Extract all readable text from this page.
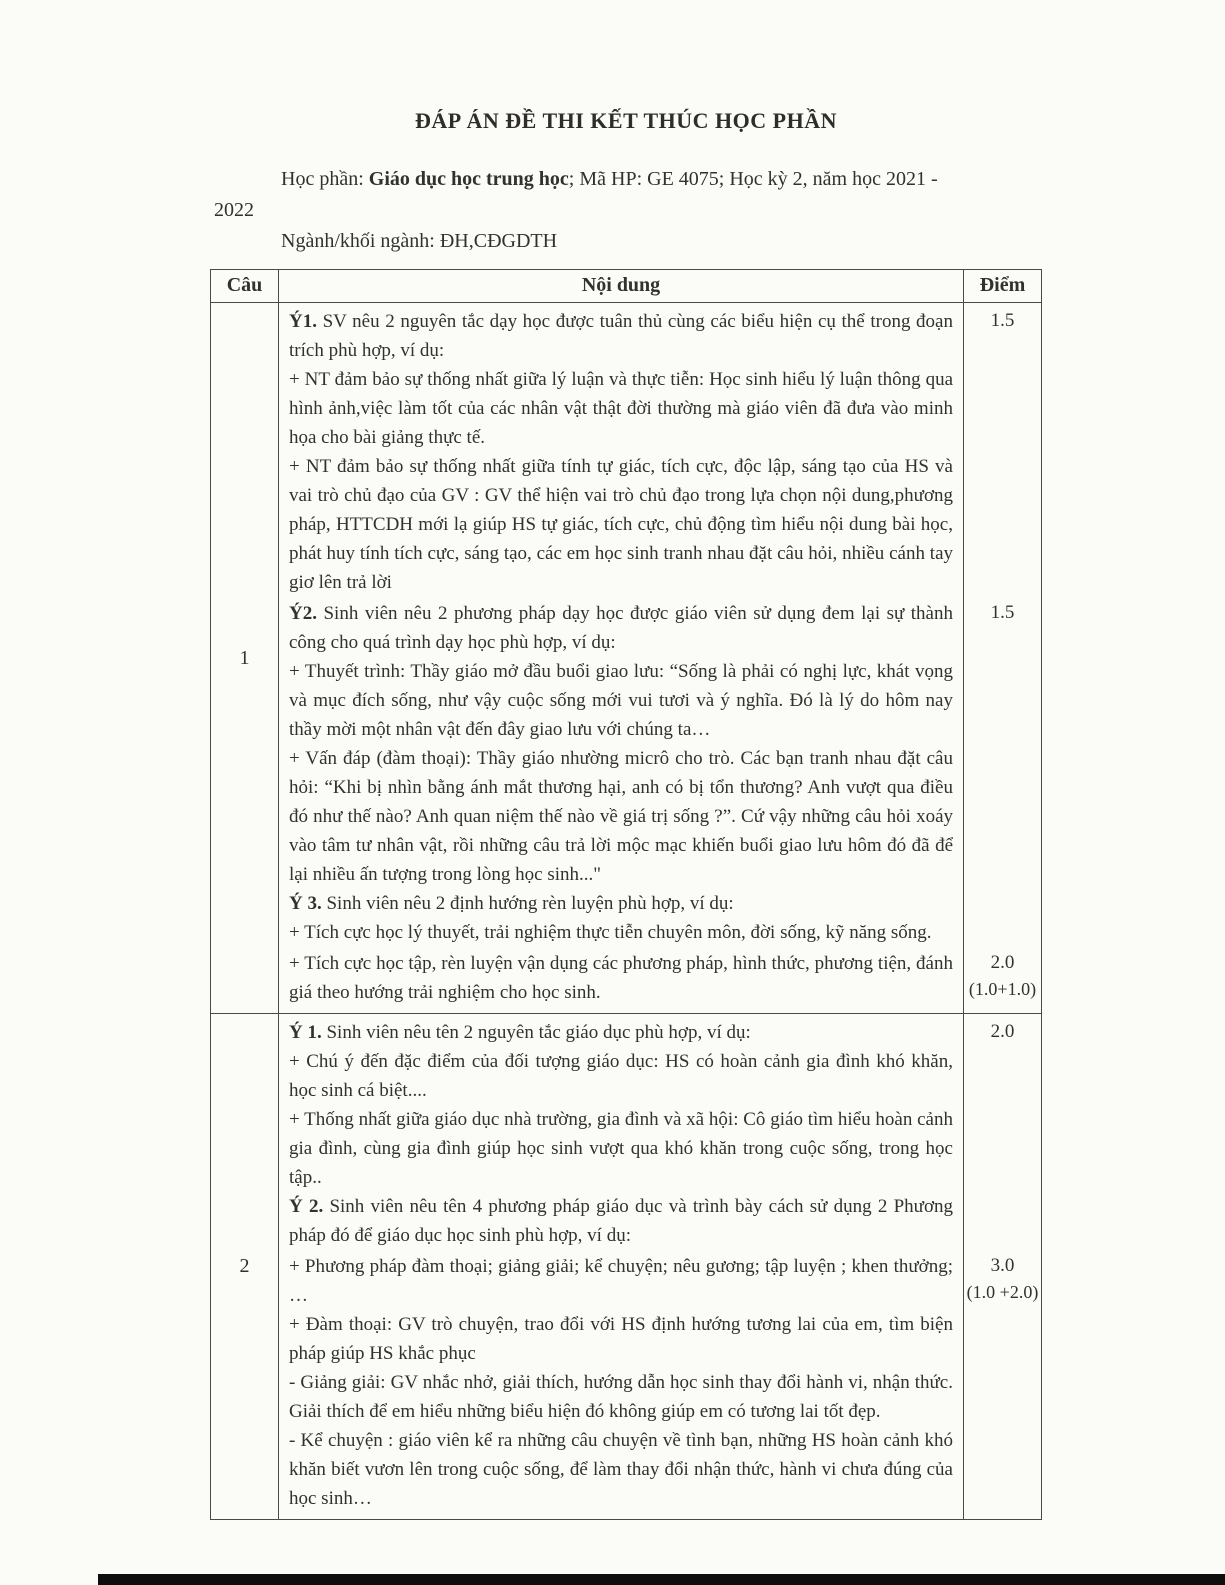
ĐÁP ÁN ĐỀ THI KẾT THÚC HỌC PHẦN
Học phần: Giáo dục học trung học; Mã HP: GE 4075; Học kỳ 2, năm học 2021 -
2022
Ngành/khối ngành: ĐH,CĐGDTH
Câu	Nội dung	Điểm
1

Ý1. SV nêu 2 nguyên tắc dạy học được tuân thủ cùng các biểu hiện cụ thể trong đoạn trích phù hợp, ví dụ:

+ NT đảm bảo sự thống nhất giữa lý luận và thực tiễn: Học sinh hiểu lý luận thông qua hình ảnh,việc làm tốt của các nhân vật thật đời thường mà giáo viên đã đưa vào minh họa cho bài giảng thực tế.

+ NT đảm bảo sự thống nhất giữa tính tự giác, tích cực, độc lập, sáng tạo của HS và vai trò chủ đạo của GV : GV thể hiện vai trò chủ đạo trong lựa chọn nội dung,phương pháp, HTTCDH mới lạ giúp HS tự giác, tích cực, chủ động tìm hiểu nội dung bài học, phát huy tính tích cực, sáng tạo, các em học sinh tranh nhau đặt câu hỏi, nhiều cánh tay giơ lên trả lời

1.5

Ý2. Sinh viên nêu 2 phương pháp dạy học được giáo viên sử dụng đem lại sự thành công cho quá trình dạy học phù hợp, ví dụ:

+ Thuyết trình: Thầy giáo mở đầu buổi giao lưu: “Sống là phải có nghị lực, khát vọng và mục đích sống, như vậy cuộc sống mới vui tươi và ý nghĩa. Đó là lý do hôm nay thầy mời một nhân vật đến đây giao lưu với chúng ta…

+ Vấn đáp (đàm thoại): Thầy giáo nhường micrô cho trò. Các bạn tranh nhau đặt câu hỏi: “Khi bị nhìn bằng ánh mắt thương hại, anh có bị tổn thương? Anh vượt qua điều đó như thế nào? Anh quan niệm thế nào về giá trị sống ?”. Cứ vậy những câu hỏi xoáy vào tâm tư nhân vật, rồi những câu trả lời mộc mạc khiến buổi giao lưu hôm đó đã để lại nhiều ấn tượng trong lòng học sinh..."

Ý 3. Sinh viên nêu 2 định hướng rèn luyện phù hợp, ví dụ:

+ Tích cực học lý thuyết, trải nghiệm thực tiễn chuyên môn, đời sống, kỹ năng sống.

1.5

+ Tích cực học tập, rèn luyện vận dụng các phương pháp, hình thức, phương tiện, đánh giá theo hướng trải nghiệm cho học sinh.

2.0
(1.0+1.0)
2

Ý 1. Sinh viên nêu tên 2 nguyên tắc giáo dục phù hợp, ví dụ:

+ Chú ý đến đặc điểm của đối tượng giáo dục: HS có hoàn cảnh gia đình khó khăn, học sinh cá biệt....

+ Thống nhất giữa giáo dục nhà trường, gia đình và xã hội: Cô giáo tìm hiểu hoàn cảnh gia đình, cùng gia đình giúp học sinh vượt qua khó khăn trong cuộc sống, trong học tập..

Ý 2. Sinh viên nêu tên 4 phương pháp giáo dục và trình bày cách sử dụng 2 Phương pháp đó để giáo dục học sinh phù hợp, ví dụ:

2.0

+ Phương pháp đàm thoại; giảng giải; kể chuyện; nêu gương; tập luyện ; khen thưởng; …

+ Đàm thoại: GV trò chuyện, trao đổi với HS định hướng tương lai của em, tìm biện pháp giúp HS khắc phục

- Giảng giải: GV nhắc nhở, giải thích, hướng dẫn học sinh thay đổi hành vi, nhận thức. Giải thích để em hiểu những biểu hiện đó không giúp em có tương lai tốt đẹp.

- Kể chuyện : giáo viên kể ra những câu chuyện về tình bạn, những HS hoàn cảnh khó khăn biết vươn lên trong cuộc sống, để làm thay đổi nhận thức, hành vi chưa đúng của học sinh…

3.0
(1.0 +2.0)
